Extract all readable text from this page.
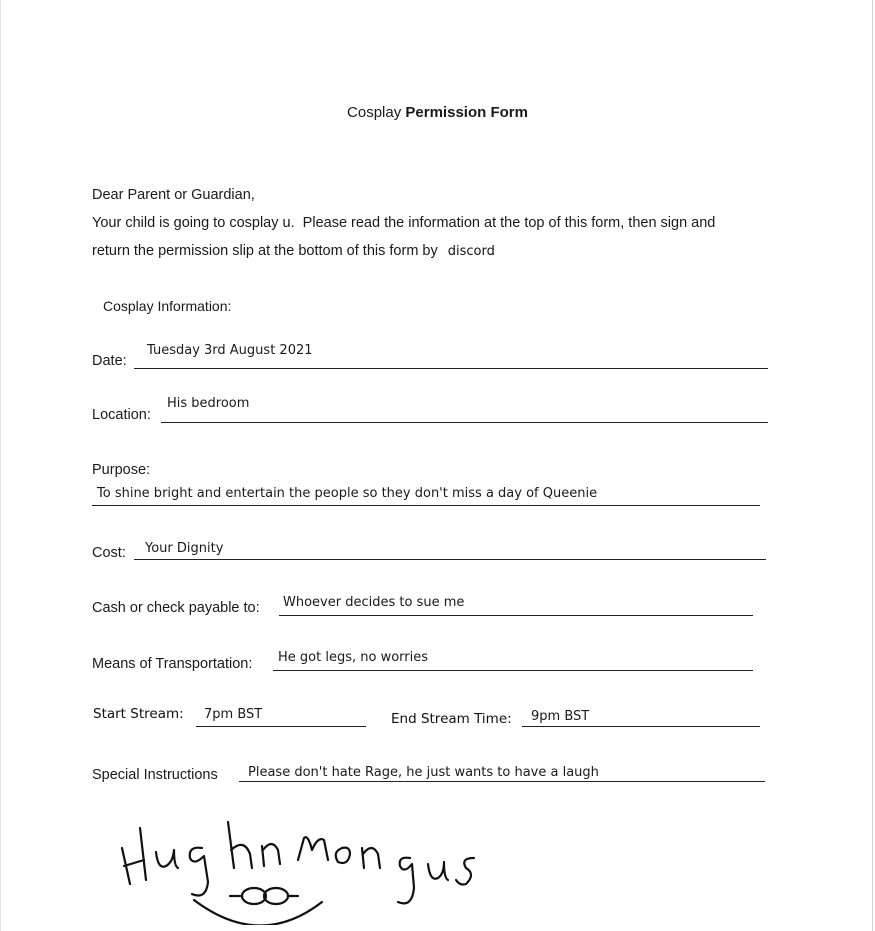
Cosplay Permission Form
Dear Parent or Guardian,
Your child is going to cosplay u. Please read the information at the top of this form, then sign and
return the permission slip at the bottom of this form by discord
Cosplay Information:
Date:
Tuesday 3rd August 2021
Location:
His bedroom
Purpose:
To shine bright and entertain the people so they don't miss a day of Queenie
Cost: Your Dignity
Cash or check payable to: Whoever decides to sue me
Means of Transportation: He got legs, no worries
Start Stream: 7pm BST	End Stream Time: 9pm BST
Special Instructions Please don't hate Rage, he just wants to have a laugh
